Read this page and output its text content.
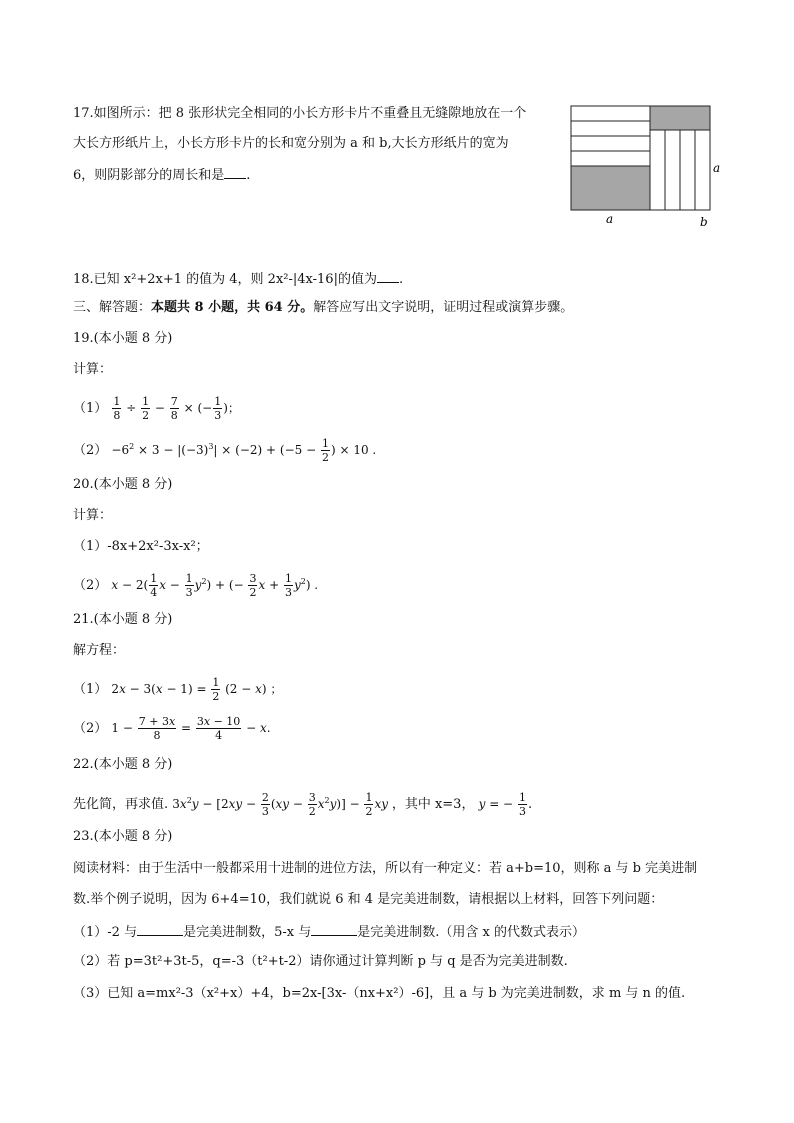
17.如图所示：把 8 张形状完全相同的小长方形卡片不重叠且无缝隙地放在一个
大长方形纸片上，小长方形卡片的长和宽分别为 a 和 b,大长方形纸片的宽为
6，则阴影部分的周长和是 .
a	b
a
18.已知 x²+2x+1 的值为 4，则 2x²-|4x-16|的值为 .
三、解答题：本题共 8 小题，共 64 分。解答应写出文字说明，证明过程或演算步骤。
19.(本小题 8 分)
计算：
$(1) \frac{1}{8} \div \frac{1}{2} - \frac{7}{8}$ × (− $\frac{1}{3}$ )；
$(2) -6^2 \times 3 - |(-3)^3| \times (-2) + (-5 - \frac{1}{2}$ ) × 10 .
20.(本小题 8 分)
计算：
（1）-8x+2x²-3x-x²；
（2） $x - 2( \frac{1}{4}$ $x - \frac{1}{3} y^2$) + (− $\frac{3}{2}$ $x + \frac{1}{3} y^2$) .
21.(本小题 8 分)
解方程：
（1） $2x - 3(x - 1) = \frac{1}{2} (2 - x)$ ；
（2） $1 - \frac{7 + 3x}{8} = \frac{3x - 10}{4} - x$.
22.(本小题 8 分)
先化简，再求值. $3x^2y - [2xy - \frac{2}{3} (xy - \frac{3}{2} x^2y)] - \frac{1}{2}$ xy ，其中 x=3， y = − $\frac{1}{3}$ .
23.(本小题 8 分)
阅读材料：由于生活中一般都采用十进制的进位方法，所以有一种定义：若 a+b=10，则称 a 与 b 完美进制
数.举个例子说明，因为 6+4=10，我们就说 6 和 4 是完美进制数，请根据以上材料，回答下列问题：
（1）-2 与	是完美进制数，5-x 与	是完美进制数.（用含 x 的代数式表示）
（2）若 p=3t²+3t-5，q=-3（t²+t-2）请你通过计算判断 p 与 q 是否为完美进制数.
（3）已知 a=mx²-3（x²+x）+4，b=2x-[3x-（nx+x²）-6]，且 a 与 b 为完美进制数，求 m 与 n 的值.
